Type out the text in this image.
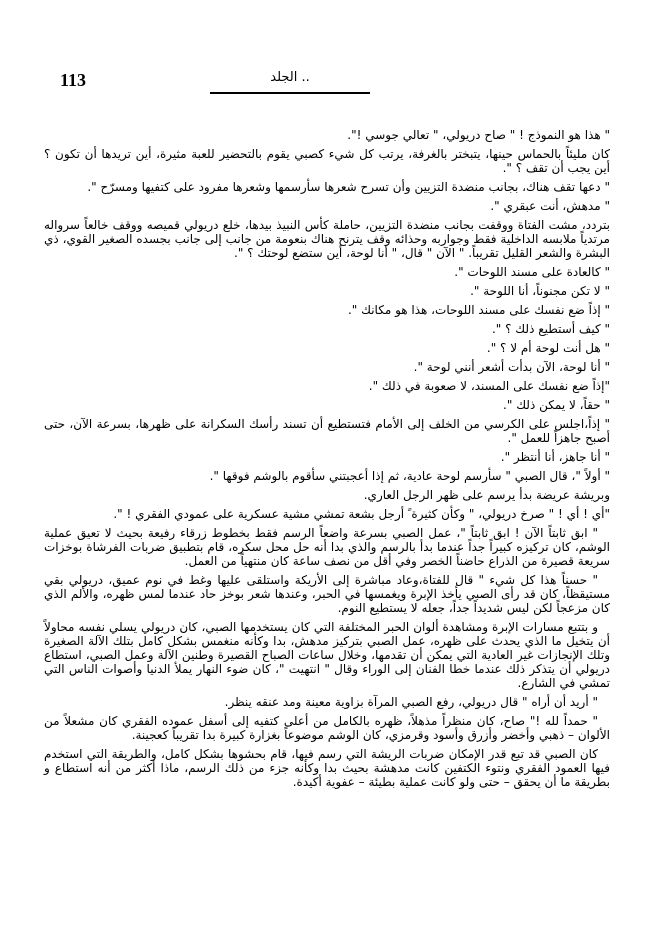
113	الجلد ..

" هذا هو النموذج ! " صاح دريولي، " تعالي جوسي !".

كان مليئاً بالحماس حينها، يتبختر بالغرفة، يرتب كل شيء كصبي يقوم بالتحضير للعبة مثيرة، أين تريدها أن تكون ؟ أين يجب أن تقف ؟ ".

" دعها تقف هناك، بجانب منضدة التزيين وأن تسرح شعرها سأرسمها وشعرها مفرود على كتفيها ومسرّح ".

" مدهش، أنت عبقري ".

بتردد، مشت الفتاة ووقفت بجانب منضدة التزيين، حاملة كأس النبيذ بيدها، خلع دريولي قميصه ووقف خالعاً سرواله مرتدياً ملابسه الداخلية فقط وجواربه وحذائه وقف يترنح هناك بنعومة من جانب إلى جانب بجسده الصغير القوي، ذي البشرة والشعر القليل تقريباً. " الآن " قال، " أنا لوحة، أين ستضع لوحتك ؟ ".

" كالعادة على مسند اللوحات ".

" لا تكن مجنوناً، أنا اللوحة ".

" إذاً ضع نفسك على مسند اللوحات، هذا هو مكانك ".

" كيف أستطيع ذلك ؟ ".

" هل أنت لوحة أم لا ؟ ".

" أنا لوحة، الآن بدأت أشعر أنني لوحة ".

"إذاً ضع نفسك على المسند، لا صعوبة في ذلك ".

" حقاً، لا يمكن ذلك ".

" إذاً،اجلس على الكرسي من الخلف إلى الأمام فتستطيع أن تسند رأسك السكرانة على ظهرها، بسرعة الآن، حتى أصبح جاهزاً للعمل ".

" أنا جاهز، أنا أنتظر ".

" أولاً "، قال الصبي " سأرسم لوحة عادية، ثم إذا أعجبتني سأقوم بالوشم فوقها ".

وبريشة عريضة بدأ يرسم على ظهر الرجل العاري.

"أي ! أي ! " صرخ دريولي، " وكأن كثيرة ً أرجل بشعة تمشي مشية عسكرية على عمودي الفقري ! ".

" ابق ثابتاً الآن ! ابق ثابتاً "، عمل الصبي بسرعة واضعاً الرسم فقط بخطوط زرقاء رفيعة بحيث لا تعيق عملية الوشم، كان تركيزه كبيراً جداً عندما بدأ بالرسم والذي بدا أنه حل محل سكره، قام بتطبيق ضربات الفرشاة بوخزات سريعة قصيرة من الذراع حاضناً الخصر وفي أقل من نصف ساعة كان منتهياً من العمل.

" حسناً هذا كل شيء " قال للفتاة،وعاد مباشرة إلى الأريكة واستلقى عليها وغط في نوم عميق، دريولي بقي مستيقظاً، كان قد رأى الصبي يأخذ الإبرة ويغمسها في الحبر، وعندها شعر بوخز حاد عندما لمس ظهره، والألم الذي كان مزعجاً لكن ليس شديداً جداً، جعله لا يستطيع النوم.

و بتتبع مسارات الإبرة ومشاهدة ألوان الحبر المختلفة التي كان يستخدمها الصبي، كان دريولي يسلي نفسه محاولاً أن يتخيل ما الذي يحدث على ظهره، عمل الصبي بتركيز مدهش، بدا وكأنه منغمس بشكل كامل بتلك الآلة الصغيرة وتلك الإنجازات غير العادية التي يمكن أن تقدمها، وخلال ساعات الصباح القصيرة وطنين الآلة وعمل الصبي، استطاع دريولي أن يتذكر ذلك عندما خطا الفنان إلى الوراء وقال " انتهيت "، كان ضوء النهار يملأ الدنيا وأصوات الناس التي تمشي في الشارع.

" أريد أن أراه " قال دريولي، رفع الصبي المرآة بزاوية معينة ومد عنقه ينظر.

" حمداً لله !" صاح، كان منظراً مذهلاً، ظهره بالكامل من أعلى كتفيه إلى أسفل عموده الفقري كان مشعلاً من الألوان – ذهبي وأخضر وأزرق وأسود وقرمزي، كان الوشم موضوعاً بغزارة كبيرة بدا تقريباً كعجينة.

كان الصبي قد تبع قدر الإمكان ضربات الريشة التي رسم فيها، قام بحشوها بشكل كامل، والطريقة التي استخدم فيها العمود الفقري ونتوء الكتفين كانت مدهشة بحيث بدا وكأنه جزء من ذلك الرسم، ماذا أكثر من أنه استطاع و بطريقة ما أن يحقق – حتى ولو كانت عملية بطيئة – عفوية أكيدة.
